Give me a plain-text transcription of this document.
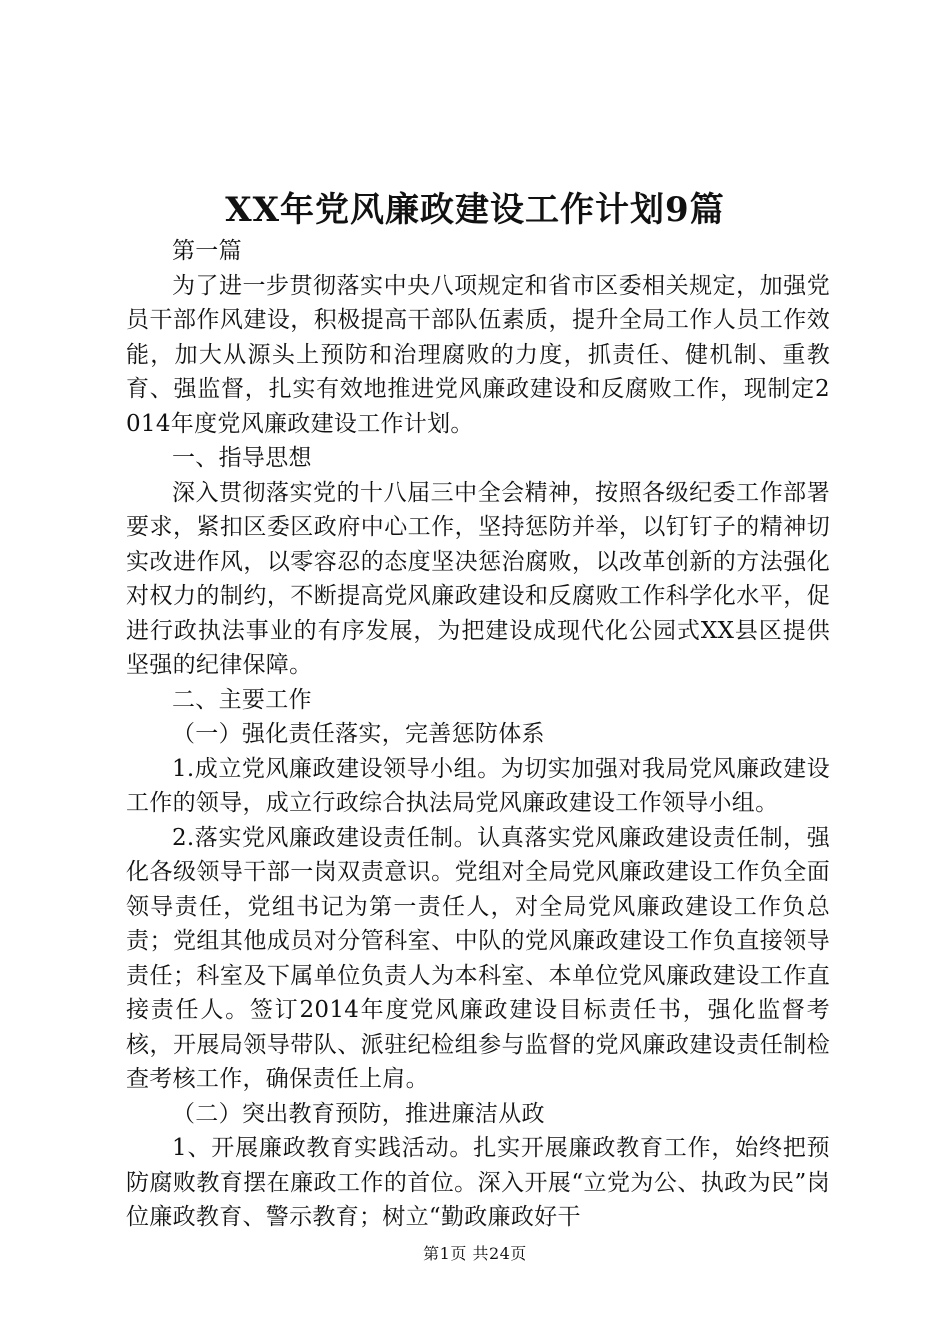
XX年党风廉政建设工作计划9篇

第一篇

为了进一步贯彻落实中央八项规定和省市区委相关规定，加强党员干部作风建设，积极提高干部队伍素质，提升全局工作人员工作效能，加大从源头上预防和治理腐败的力度，抓责任、健机制、重教育、强监督，扎实有效地推进党风廉政建设和反腐败工作，现制定2014年度党风廉政建设工作计划。

一、指导思想

深入贯彻落实党的十八届三中全会精神，按照各级纪委工作部署要求，紧扣区委区政府中心工作，坚持惩防并举，以钉钉子的精神切实改进作风，以零容忍的态度坚决惩治腐败，以改革创新的方法强化对权力的制约，不断提高党风廉政建设和反腐败工作科学化水平，促进行政执法事业的有序发展，为把建设成现代化公园式XX县区提供坚强的纪律保障。

二、主要工作

（一）强化责任落实，完善惩防体系

1.成立党风廉政建设领导小组。为切实加强对我局党风廉政建设工作的领导，成立行政综合执法局党风廉政建设工作领导小组。

2.落实党风廉政建设责任制。认真落实党风廉政建设责任制，强化各级领导干部一岗双责意识。党组对全局党风廉政建设工作负全面领导责任，党组书记为第一责任人，对全局党风廉政建设工作负总责；党组其他成员对分管科室、中队的党风廉政建设工作负直接领导责任；科室及下属单位负责人为本科室、本单位党风廉政建设工作直接责任人。签订2014年度党风廉政建设目标责任书，强化监督考核，开展局领导带队、派驻纪检组参与监督的党风廉政建设责任制检查考核工作，确保责任上肩。

（二）突出教育预防，推进廉洁从政

1、开展廉政教育实践活动。扎实开展廉政教育工作，始终把预防腐败教育摆在廉政工作的首位。深入开展“立党为公、执政为民”岗位廉政教育、警示教育；树立“勤政廉政好干

第1页 共24页
